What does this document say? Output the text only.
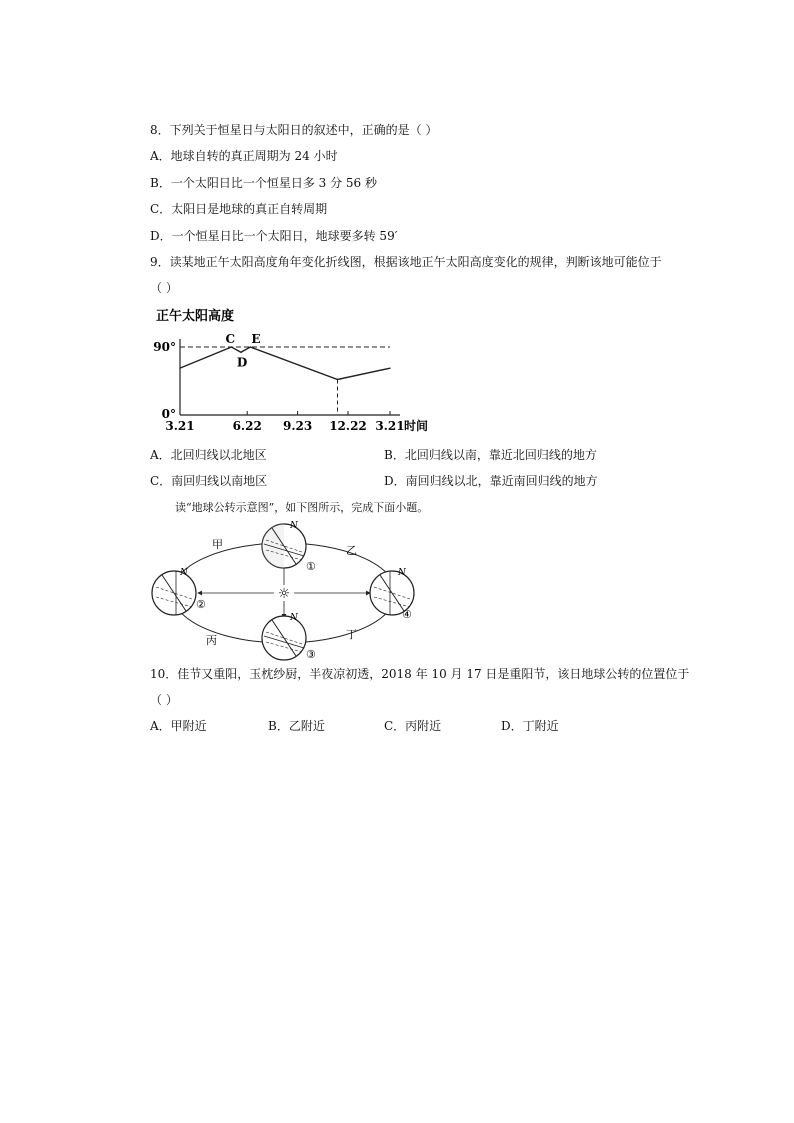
8．下列关于恒星日与太阳日的叙述中，正确的是（ ）
A．地球自转的真正周期为 24 小时
B．一个太阳日比一个恒星日多 3 分 56 秒
C．太阳日是地球的真正自转周期
D．一个恒星日比一个太阳日，地球要多转 59′
9．读某地正午太阳高度角年变化折线图，根据该地正午太阳高度变化的规律，判断该地可能位于
（ ）
正午太阳高度
C
D
E
0°
90°
3.21	6.22 9.23 12.22 3.21 时间
A．北回归线以北地区	B．北回归线以南，靠近北回归线的地方
C．南回归线以南地区	D．南回归线以北，靠近南回归线的地方
读“地球公转示意图”，如下图所示，完成下面小题。
☼
N
①
N
②
N
③
N
④
甲	乙
丙	丁
10．佳节又重阳，玉枕纱厨，半夜凉初透，2018 年 10 月 17 日是重阳节，该日地球公转的位置位于
（ ）
A．甲附近	B．乙附近	C．丙附近	D．丁附近
